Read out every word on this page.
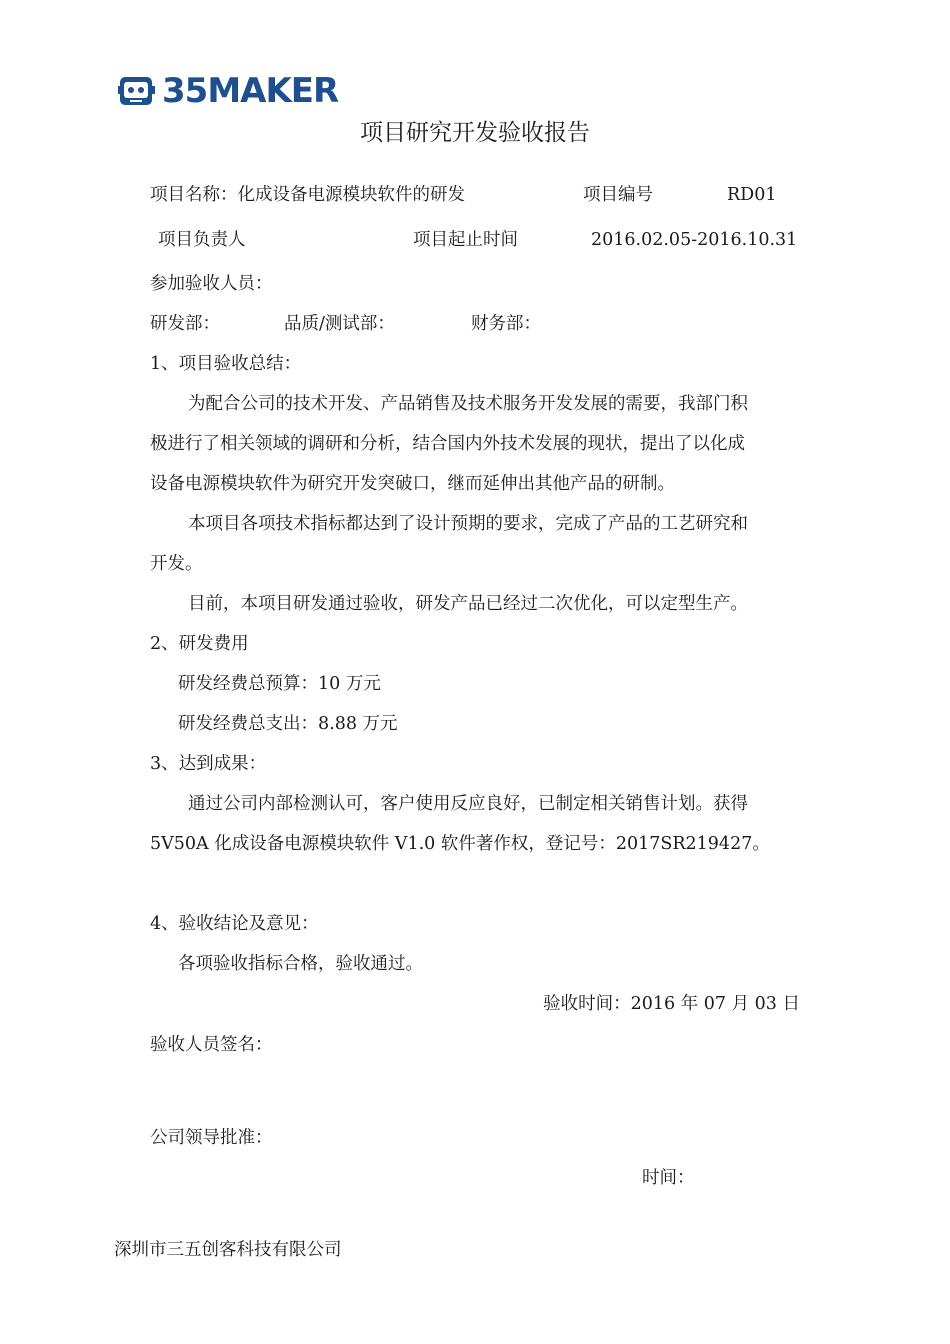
35MAKER
项目研究开发验收报告
项目名称：化成设备电源模块软件的研发	项目编号	RD01
项目负责人	项目起止时间	2016.02.05-2016.10.31
参加验收人员：
研发部：	品质/测试部：	财务部：
1、项目验收总结：
为配合公司的技术开发、产品销售及技术服务开发发展的需要，我部门积
极进行了相关领域的调研和分析，结合国内外技术发展的现状，提出了以化成
设备电源模块软件为研究开发突破口，继而延伸出其他产品的研制。
本项目各项技术指标都达到了设计预期的要求，完成了产品的工艺研究和
开发。
目前，本项目研发通过验收，研发产品已经过二次优化，可以定型生产。
2、研发费用
研发经费总预算：10 万元
研发经费总支出：8.88 万元
3、达到成果：
通过公司内部检测认可，客户使用反应良好，已制定相关销售计划。获得
5V50A 化成设备电源模块软件 V1.0 软件著作权，登记号：2017SR219427。
4、验收结论及意见：
各项验收指标合格，验收通过。
验收时间：2016 年 07 月 03 日
验收人员签名：
公司领导批准：
时间：
深圳市三五创客科技有限公司
